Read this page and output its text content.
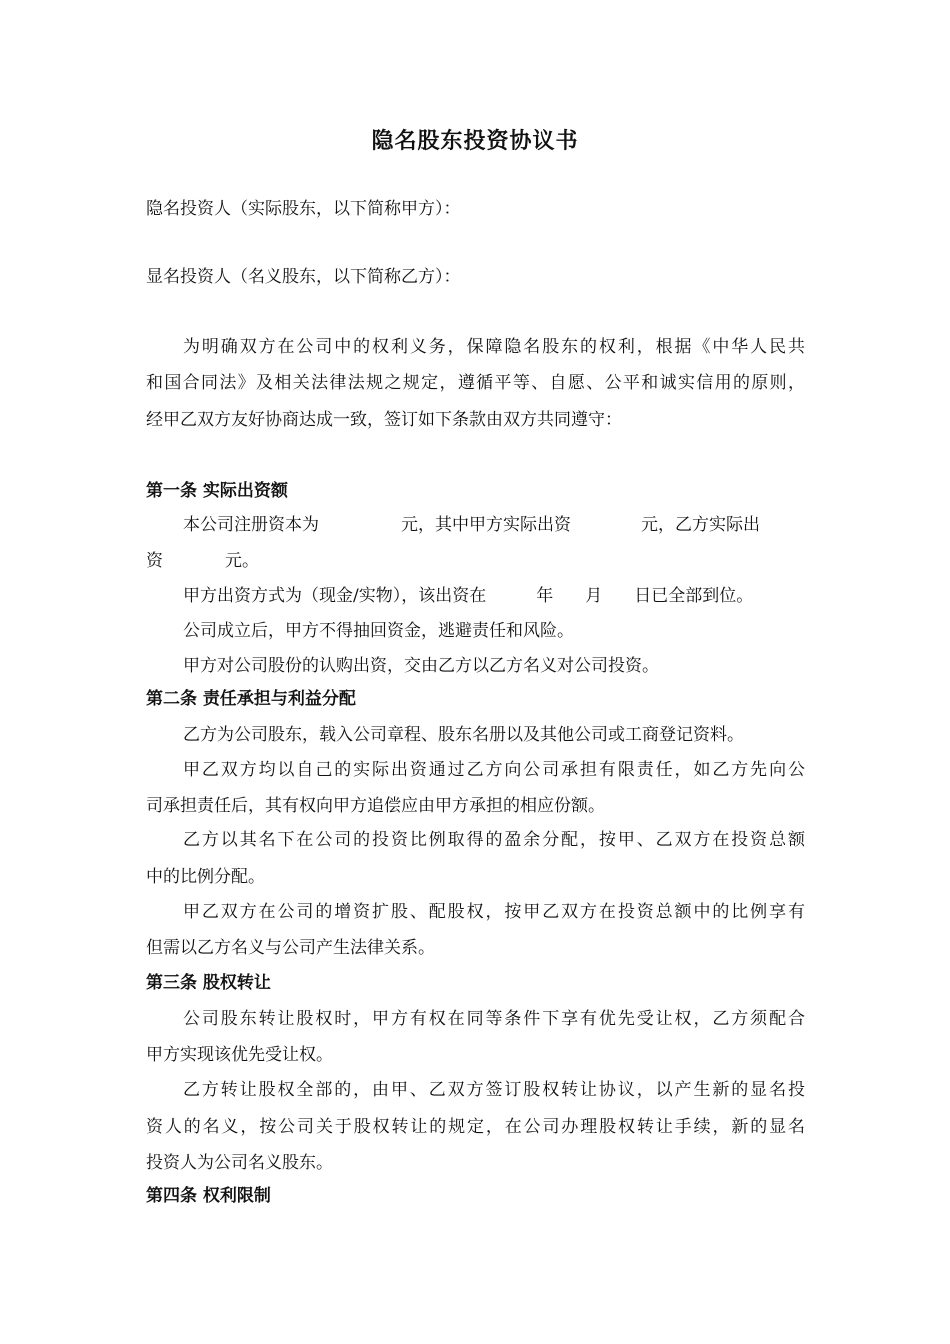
隐名股东投资协议书
隐名投资人（实际股东，以下简称甲方）：
显名投资人（名义股东，以下简称乙方）：
为明确双方在公司中的权利义务，保障隐名股东的权利，根据《中华人民共
和国合同法》及相关法律法规之规定，遵循平等、自愿、公平和诚实信用的原则，
经甲乙双方友好协商达成一致，签订如下条款由双方共同遵守：
第一条 实际出资额
本公司注册资本为	元，其中甲方实际出资	元，乙方实际出
资	元。
甲方出资方式为（现金/实物），该出资在	年 月 日已全部到位。
公司成立后，甲方不得抽回资金，逃避责任和风险。
甲方对公司股份的认购出资，交由乙方以乙方名义对公司投资。
第二条 责任承担与利益分配
乙方为公司股东，载入公司章程、股东名册以及其他公司或工商登记资料。
甲乙双方均以自己的实际出资通过乙方向公司承担有限责任，如乙方先向公
司承担责任后，其有权向甲方追偿应由甲方承担的相应份额。
乙方以其名下在公司的投资比例取得的盈余分配，按甲、乙双方在投资总额
中的比例分配。
甲乙双方在公司的增资扩股、配股权，按甲乙双方在投资总额中的比例享有
但需以乙方名义与公司产生法律关系。
第三条 股权转让
公司股东转让股权时，甲方有权在同等条件下享有优先受让权，乙方须配合
甲方实现该优先受让权。
乙方转让股权全部的，由甲、乙双方签订股权转让协议，以产生新的显名投
资人的名义，按公司关于股权转让的规定，在公司办理股权转让手续，新的显名
投资人为公司名义股东。
第四条 权利限制
